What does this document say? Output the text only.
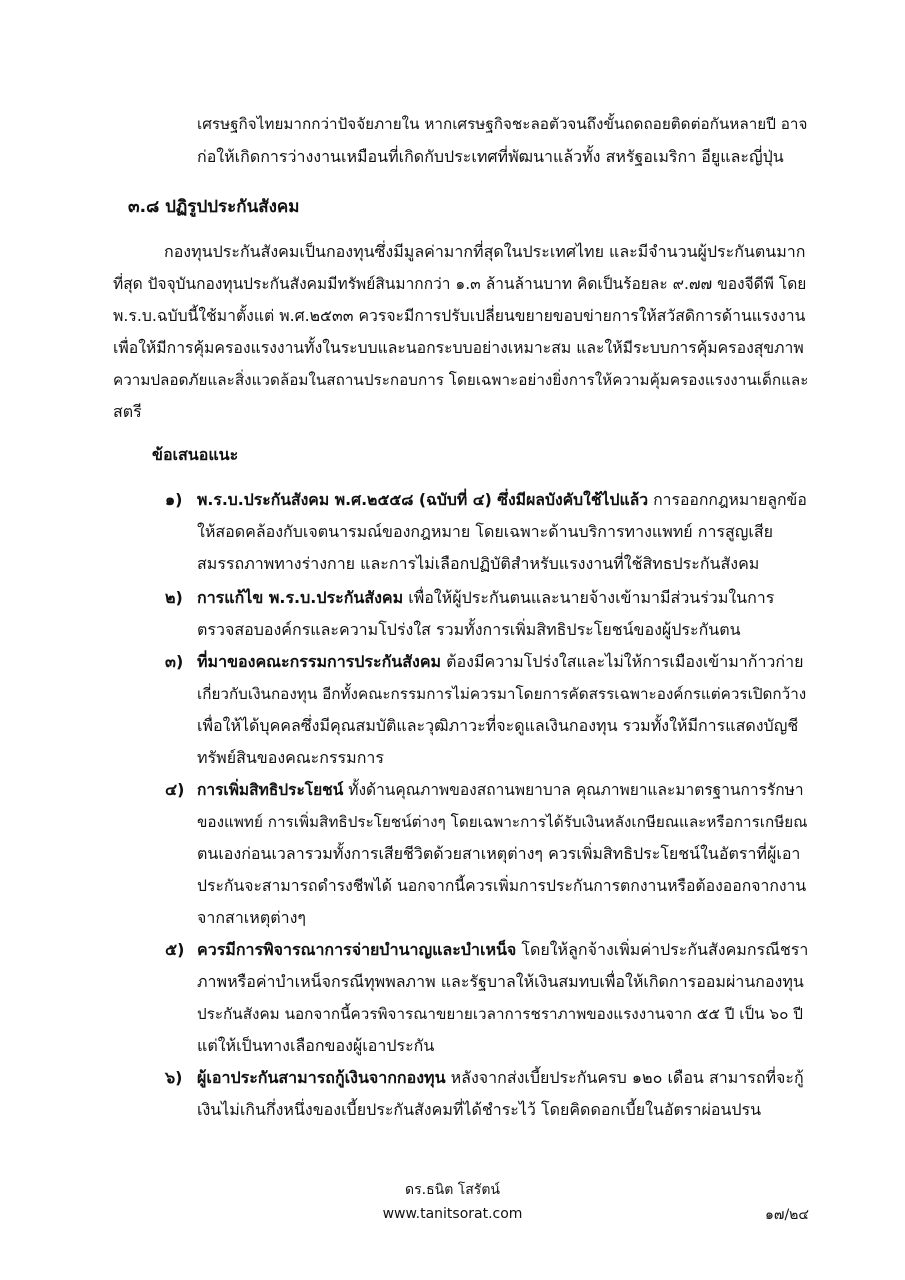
เศรษฐกิจไทยมากกว่าปัจจัยภายใน หากเศรษฐกิจชะลอตัวจนถึงขั้นถดถอยติดต่อกันหลายปี อาจ
ก่อให้เกิดการว่างงานเหมือนที่เกิดกับประเทศที่พัฒนาแล้วทั้ง สหรัฐอเมริกา อียูและญี่ปุ่น
๓.๘ ปฏิรูปประกันสังคม
กองทุนประกันสังคมเป็นกองทุนซึ่งมีมูลค่ามากที่สุดในประเทศไทย และมีจำนวนผู้ประกันตนมาก
ที่สุด ปัจจุบันกองทุนประกันสังคมมีทรัพย์สินมากกว่า ๑.๓ ล้านล้านบาท คิดเป็นร้อยละ ๙.๗๗ ของจีดีพี โดย
พ.ร.บ.ฉบับนี้ใช้มาตั้งแต่ พ.ศ.๒๕๓๓ ควรจะมีการปรับเปลี่ยนขยายขอบข่ายการให้สวัสดิการด้านแรงงาน
เพื่อให้มีการคุ้มครองแรงงานทั้งในระบบและนอกระบบอย่างเหมาะสม และให้มีระบบการคุ้มครองสุขภาพ
ความปลอดภัยและสิ่งแวดล้อมในสถานประกอบการ โดยเฉพาะอย่างยิ่งการให้ความคุ้มครองแรงงานเด็กและ
สตรี
ข้อเสนอแนะ
๑) พ.ร.บ.ประกันสังคม พ.ศ.๒๕๕๘ (ฉบับที่ ๔) ซึ่งมีผลบังคับใช้ไปแล้ว การออกกฎหมายลูกข้อ
ให้สอดคล้องกับเจตนารมณ์ของกฎหมาย โดยเฉพาะด้านบริการทางแพทย์ การสูญเสีย
สมรรถภาพทางร่างกาย และการไม่เลือกปฏิบัติสำหรับแรงงานที่ใช้สิทธประกันสังคม
๒) การแก้ไข พ.ร.บ.ประกันสังคม เพื่อให้ผู้ประกันตนและนายจ้างเข้ามามีส่วนร่วมในการ
ตรวจสอบองค์กรและความโปร่งใส รวมทั้งการเพิ่มสิทธิประโยชน์ของผู้ประกันตน
๓) ที่มาของคณะกรรมการประกันสังคม ต้องมีความโปร่งใสและไม่ให้การเมืองเข้ามาก้าวก่าย
เกี่ยวกับเงินกองทุน อีกทั้งคณะกรรมการไม่ควรมาโดยการคัดสรรเฉพาะองค์กรแต่ควรเปิดกว้าง
เพื่อให้ได้บุคคลซึ่งมีคุณสมบัติและวุฒิภาวะที่จะดูแลเงินกองทุน รวมทั้งให้มีการแสดงบัญชี
ทรัพย์สินของคณะกรรมการ
๔) การเพิ่มสิทธิประโยชน์ ทั้งด้านคุณภาพของสถานพยาบาล คุณภาพยาและมาตรฐานการรักษา
ของแพทย์ การเพิ่มสิทธิประโยชน์ต่างๆ โดยเฉพาะการได้รับเงินหลังเกษียณและหรือการเกษียณ
ตนเองก่อนเวลารวมทั้งการเสียชีวิตด้วยสาเหตุต่างๆ ควรเพิ่มสิทธิประโยชน์ในอัตราที่ผู้เอา
ประกันจะสามารถดำรงชีพได้ นอกจากนี้ควรเพิ่มการประกันการตกงานหรือต้องออกจากงาน
จากสาเหตุต่างๆ
๕) ควรมีการพิจารณาการจ่ายบำนาญและบำเหน็จ โดยให้ลูกจ้างเพิ่มค่าประกันสังคมกรณีชรา
ภาพหรือค่าบำเหน็จกรณีทุพพลภาพ และรัฐบาลให้เงินสมทบเพื่อให้เกิดการออมผ่านกองทุน
ประกันสังคม นอกจากนี้ควรพิจารณาขยายเวลาการชราภาพของแรงงานจาก ๕๕ ปี เป็น ๖๐ ปี
แต่ให้เป็นทางเลือกของผู้เอาประกัน
๖) ผู้เอาประกันสามารถกู้เงินจากกองทุน หลังจากส่งเบี้ยประกันครบ ๑๒๐ เดือน สามารถที่จะกู้
เงินไม่เกินกึ่งหนึ่งของเบี้ยประกันสังคมที่ได้ชำระไว้ โดยคิดดอกเบี้ยในอัตราผ่อนปรน
ดร.ธนิต โสรัตน์
www.tanitsorat.com	๑๗/๒๔
